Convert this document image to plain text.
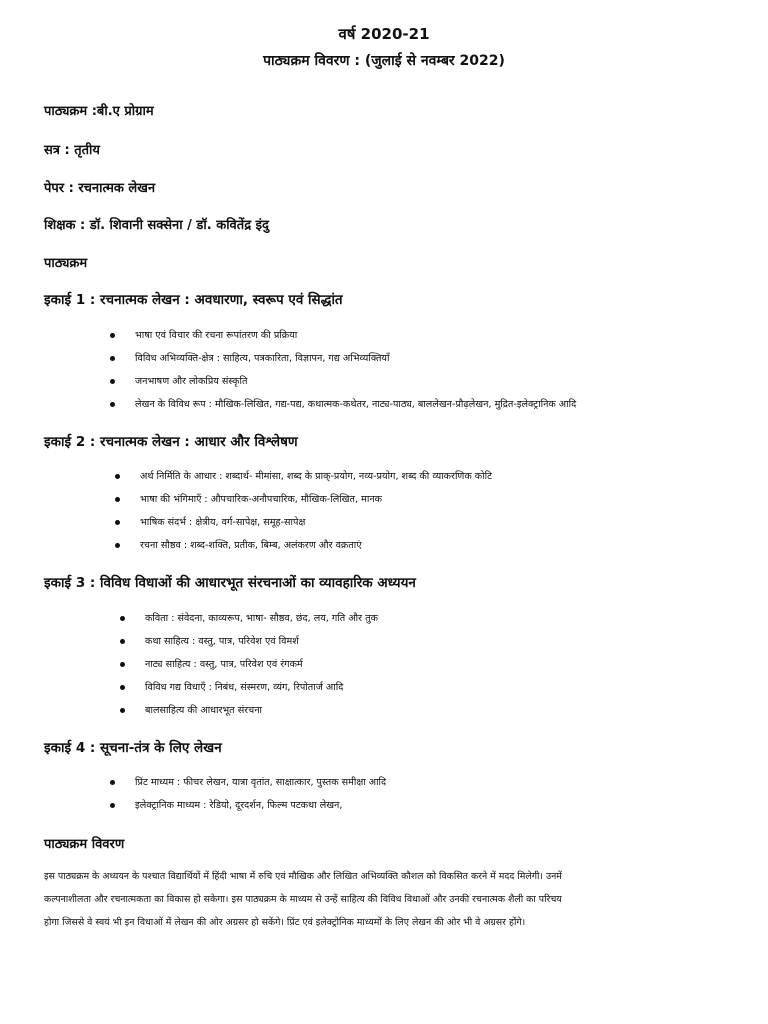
वर्ष 2020-21
पाठ्यक्रम विवरण : (जुलाई से नवम्बर 2022)
पाठ्यक्रम :बी.ए प्रोग्राम
सत्र : तृतीय
पेपर : रचनात्मक लेखन
शिक्षक : डॉ. शिवानी सक्सेना / डॉ. कवितेंद्र इंदु
पाठ्यक्रम
इकाई 1 : रचनात्मक लेखन : अवधारणा, स्वरूप एवं सिद्धांत
भाषा एवं विचार की रचना रूपांतरण की प्रक्रिया
विविध अभिव्यक्ति-क्षेत्र : साहित्य, पत्रकारिता, विज्ञापन, गद्य अभिव्यक्तियाँ
जनभाषण और लोकप्रिय संस्कृति
लेखन के विविध रूप : मौखिक-लिखित, गद्य-पद्य, कथात्मक-कथेतर, नाट्य-पाठ्य, बाललेखन-प्रौढ़लेखन, मुद्रित-इलेक्ट्रानिक आदि
इकाई 2 : रचनात्मक लेखन : आधार और विश्लेषण
अर्थ निर्मिति के आधार : शब्दार्थ- मीमांसा, शब्द के प्राक्-प्रयोग, नव्य-प्रयोग, शब्द की व्याकरणिक कोटि
भाषा की भंगिमाएँ : औपचारिक-अनौपचारिक, मौखिक-लिखित, मानक
भाषिक संदर्भ : क्षेत्रीय, वर्ग-सापेक्ष, समूह-सापेक्ष
रचना सौष्ठव : शब्द-शक्ति, प्रतीक, बिम्ब, अलंकरण और वक्रताएं
इकाई 3 : विविध विधाओं की आधारभूत संरचनाओं का व्यावहारिक अध्ययन
कविता : संवेदना, काव्यरूप, भाषा- सौष्ठव, छंद, लय, गति और तुक
कथा साहित्य : वस्तु, पात्र, परिवेश एवं विमर्श
नाट्य साहित्य : वस्तु, पात्र, परिवेश एवं रंगकर्म
विविध गद्य विधाएँ : निबंध, संस्मरण, व्यंग, रिपोतार्ज आदि
बालसाहित्य की आधारभूत संरचना
इकाई 4 : सूचना-तंत्र के लिए लेखन
प्रिंट माध्यम : फीचर लेखन, यात्रा वृतांत, साक्षात्कार, पुस्तक समीक्षा आदि
इलेक्ट्रानिक माध्यम : रेडियो, दूरदर्शन, फिल्म पटकथा लेखन,
पाठ्यक्रम विवरण
इस पाठ्यक्रम के अध्ययन के पश्चात विद्यार्थियों में हिंदी भाषा में रुचि एवं मौखिक और लिखित अभिव्यक्ति कौशल को विकसित करने में मदद मिलेगी। उनमें
कल्पनाशीलता और रचनात्मकता का विकास हो सकेगा। इस पाठ्यक्रम के माध्यम से उन्हें साहित्य की विविध विधाओं और उनकी रचनात्मक शैली का परिचय
होगा जिससे वे स्वयं भी इन विधाओं में लेखन की ओर अग्रसर हो सकेंगे। प्रिंट एवं इलेक्ट्रोनिक माध्यमों के लिए लेखन की ओर भी वे अग्रसर होंगे।
